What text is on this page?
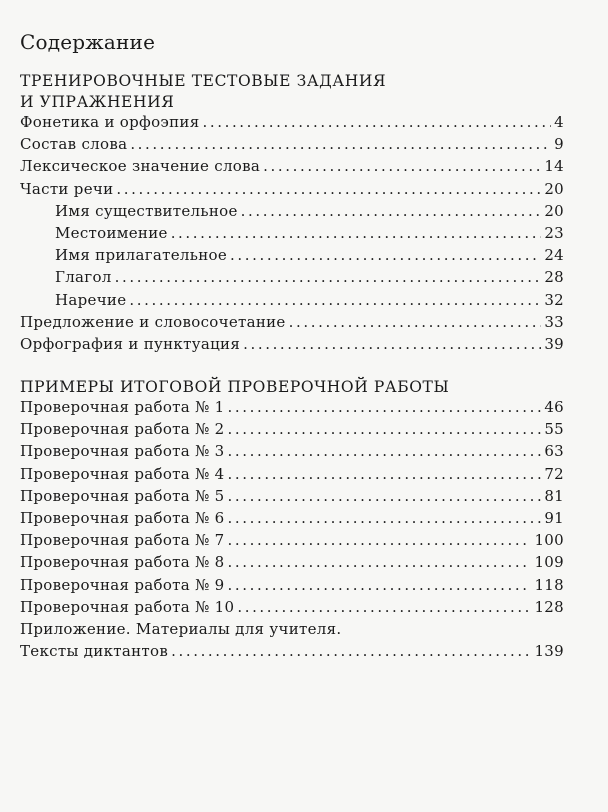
Содержание
ТРЕНИРОВОЧНЫЕ ТЕСТОВЫЕ ЗАДАНИЯ
И УПРАЖНЕНИЯ
Фонетика и орфоэпия .....	4
Состав слова .....	9
Лексическое значение слова .....	14
Части речи .....	20
Имя существительное .....	20
Местоимение .....	23
Имя прилагательное .....	24
Глагол .....	28
Наречие .....	32
Предложение и словосочетание .....	33
Орфография и пунктуация .....	39
ПРИМЕРЫ ИТОГОВОЙ ПРОВЕРОЧНОЙ РАБОТЫ
Проверочная работа № 1 .....	46
Проверочная работа № 2 .....	55
Проверочная работа № 3 .....	63
Проверочная работа № 4 .....	72
Проверочная работа № 5 .....	81
Проверочная работа № 6 .....	91
Проверочная работа № 7 .....	100
Проверочная работа № 8 .....	109
Проверочная работа № 9 .....	118
Проверочная работа № 10 .....	128
Приложение. Материалы для учителя.
Тексты диктантов .....	139
